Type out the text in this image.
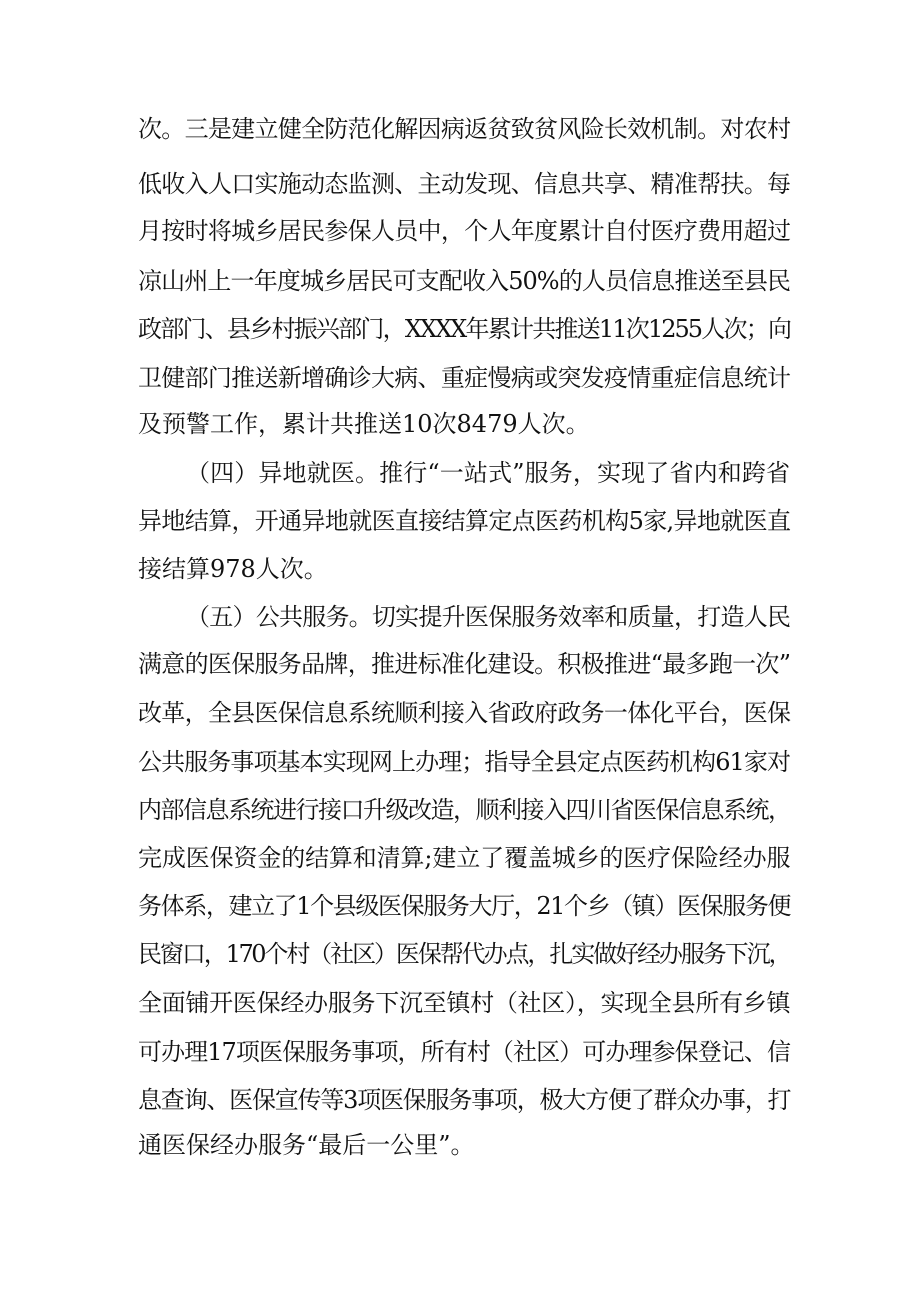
次。三是建立健全防范化解因病返贫致贫风险长效机制。对农村
低收入人口实施动态监测、主动发现、信息共享、精准帮扶。每
月按时将城乡居民参保人员中，个人年度累计自付医疗费用超过
凉山州上一年度城乡居民可支配收入50%的人员信息推送至县民
政部门、县乡村振兴部门，XXXX年累计共推送11次1255人次；向
卫健部门推送新增确诊大病、重症慢病或突发疫情重症信息统计
及预警工作，累计共推送10次8479人次。
（四）异地就医。推行“一站式”服务，实现了省内和跨省
异地结算，开通异地就医直接结算定点医药机构5家,异地就医直
接结算978人次。
（五）公共服务。切实提升医保服务效率和质量，打造人民
满意的医保服务品牌，推进标准化建设。积极推进“最多跑一次”
改革，全县医保信息系统顺利接入省政府政务一体化平台，医保
公共服务事项基本实现网上办理；指导全县定点医药机构61家对
内部信息系统进行接口升级改造，顺利接入四川省医保信息系统，
完成医保资金的结算和清算;建立了覆盖城乡的医疗保险经办服
务体系，建立了1个县级医保服务大厅，21个乡（镇）医保服务便
民窗口，170个村（社区）医保帮代办点，扎实做好经办服务下沉，
全面铺开医保经办服务下沉至镇村（社区），实现全县所有乡镇
可办理17项医保服务事项，所有村（社区）可办理参保登记、信
息查询、医保宣传等3项医保服务事项，极大方便了群众办事，打
通医保经办服务“最后一公里”。
